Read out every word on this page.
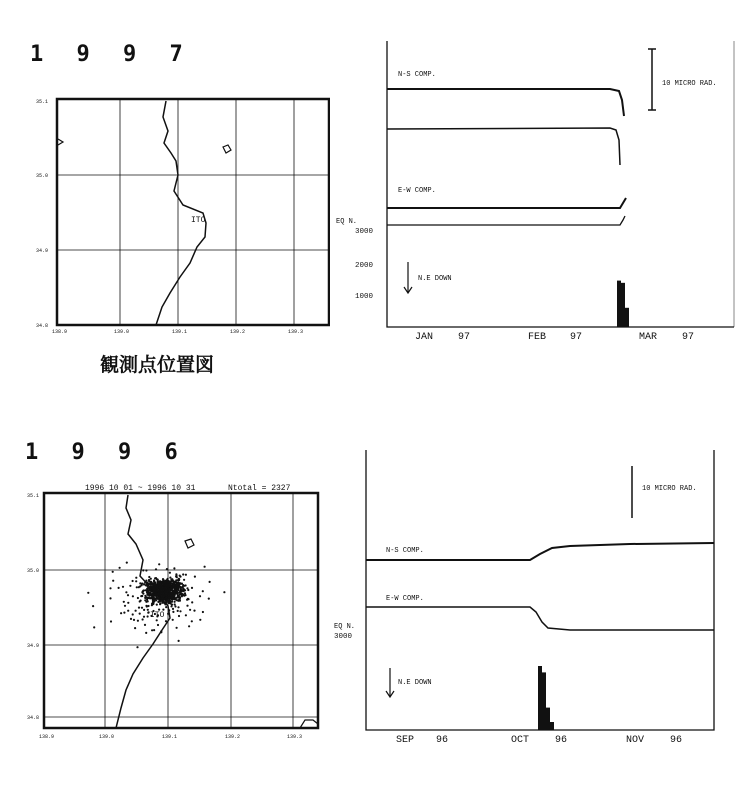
1 9 9 7
35.1
35.0
34.9
34.8
138.9	139.0	139.1	139.2	139.3
ITO
観測点位置図
10 MICRO RAD.
N-S COMP.
E-W COMP.
EQ N.
3000
2000
1000
N.E DOWN
JAN 97	FEB 97	MAR 97
1 9 9 6
1996 10 01 ~ 1996 10 31	Ntotal = 2327
ITO
35.1
35.0
34.9
34.8
138.9	139.0	139.1	139.2	139.3
10 MICRO RAD.
N-S COMP.
E-W COMP.
EQ N.
3000
N.E DOWN
SEP 96	OCT	96	NOV	96
